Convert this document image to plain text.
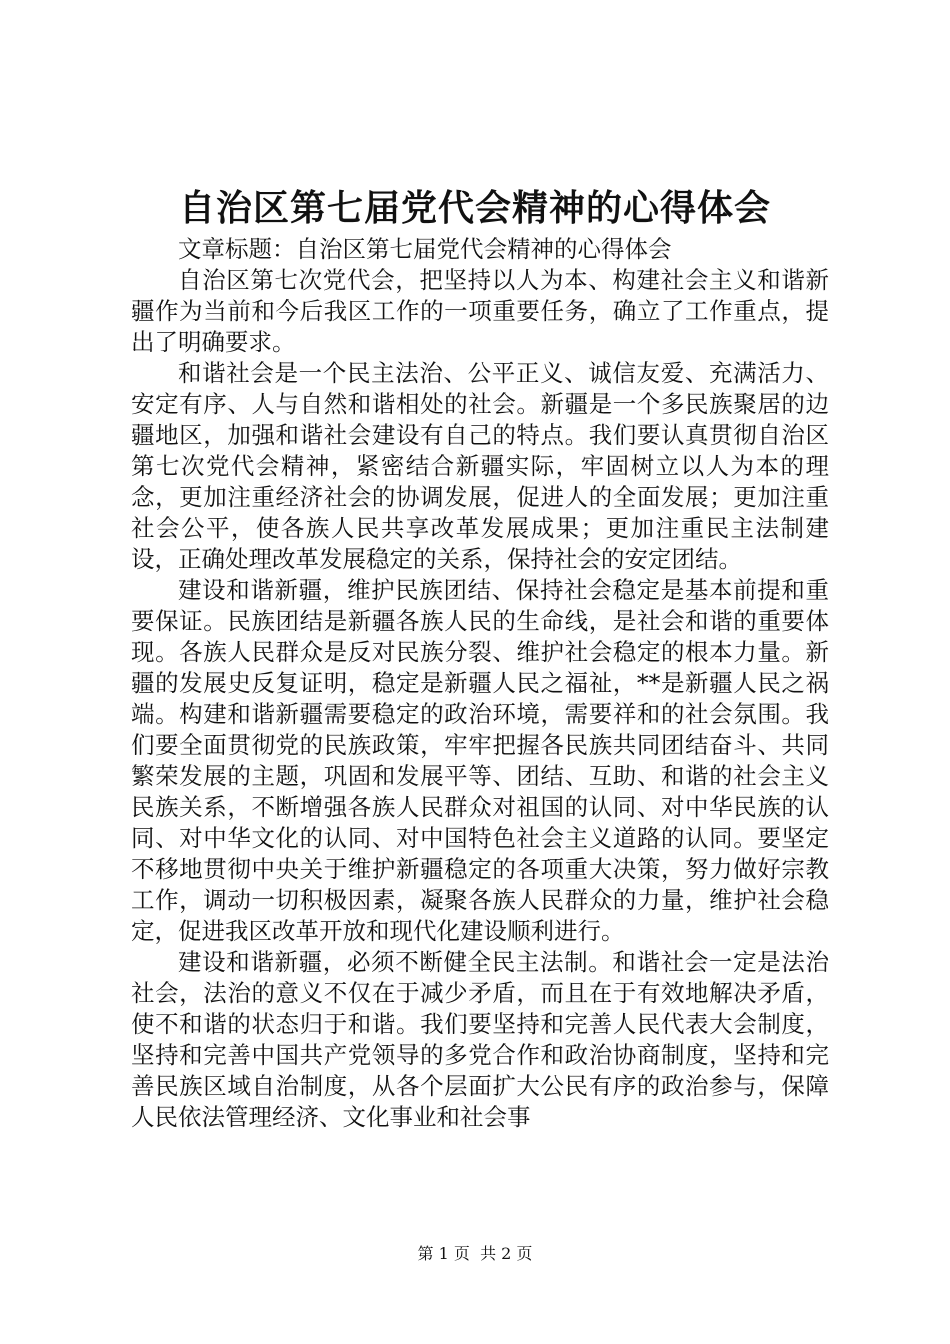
自治区第七届党代会精神的心得体会

文章标题：自治区第七届党代会精神的心得体会

自治区第七次党代会，把坚持以人为本、构建社会主义和谐新疆作为当前和今后我区工作的一项重要任务，确立了工作重点，提出了明确要求。

和谐社会是一个民主法治、公平正义、诚信友爱、充满活力、安定有序、人与自然和谐相处的社会。新疆是一个多民族聚居的边疆地区，加强和谐社会建设有自己的特点。我们要认真贯彻自治区第七次党代会精神，紧密结合新疆实际，牢固树立以人为本的理念，更加注重经济社会的协调发展，促进人的全面发展；更加注重社会公平，使各族人民共享改革发展成果；更加注重民主法制建设，正确处理改革发展稳定的关系，保持社会的安定团结。

建设和谐新疆，维护民族团结、保持社会稳定是基本前提和重要保证。民族团结是新疆各族人民的生命线，是社会和谐的重要体现。各族人民群众是反对民族分裂、维护社会稳定的根本力量。新疆的发展史反复证明，稳定是新疆人民之福祉，**是新疆人民之祸端。构建和谐新疆需要稳定的政治环境，需要祥和的社会氛围。我们要全面贯彻党的民族政策，牢牢把握各民族共同团结奋斗、共同繁荣发展的主题，巩固和发展平等、团结、互助、和谐的社会主义民族关系，不断增强各族人民群众对祖国的认同、对中华民族的认同、对中华文化的认同、对中国特色社会主义道路的认同。要坚定不移地贯彻中央关于维护新疆稳定的各项重大决策，努力做好宗教工作，调动一切积极因素，凝聚各族人民群众的力量，维护社会稳定，促进我区改革开放和现代化建设顺利进行。

建设和谐新疆，必须不断健全民主法制。和谐社会一定是法治社会，法治的意义不仅在于减少矛盾，而且在于有效地解决矛盾，使不和谐的状态归于和谐。我们要坚持和完善人民代表大会制度，坚持和完善中国共产党领导的多党合作和政治协商制度，坚持和完善民族区域自治制度，从各个层面扩大公民有序的政治参与，保障人民依法管理经济、文化事业和社会事

第 1 页  共 2 页
